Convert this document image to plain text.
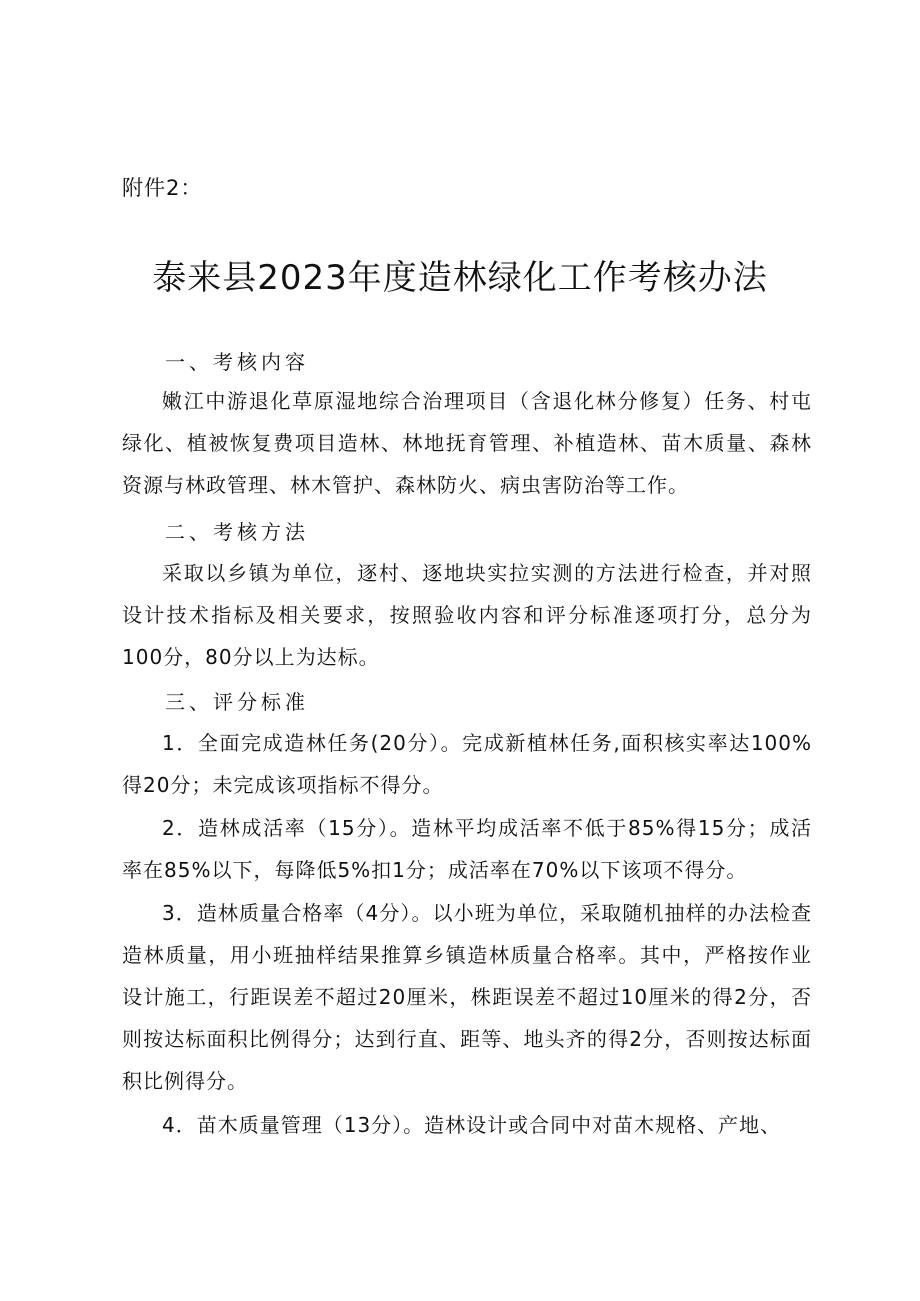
附件2：
泰来县2023年度造林绿化工作考核办法
一、考核内容
嫩江中游退化草原湿地综合治理项目（含退化林分修复）任务、村屯绿化、植被恢复费项目造林、林地抚育管理、补植造林、苗木质量、森林资源与林政管理、林木管护、森林防火、病虫害防治等工作。
二、考核方法
采取以乡镇为单位，逐村、逐地块实拉实测的方法进行检查，并对照设计技术指标及相关要求，按照验收内容和评分标准逐项打分，总分为100分，80分以上为达标。
三、评分标准
1．全面完成造林任务(20分）。完成新植林任务,面积核实率达100%得20分；未完成该项指标不得分。
2．造林成活率（15分）。造林平均成活率不低于85%得15分；成活率在85%以下，每降低5%扣1分；成活率在70%以下该项不得分。
3．造林质量合格率（4分）。以小班为单位，采取随机抽样的办法检查造林质量，用小班抽样结果推算乡镇造林质量合格率。其中，严格按作业设计施工，行距误差不超过20厘米，株距误差不超过10厘米的得2分，否则按达标面积比例得分；达到行直、距等、地头齐的得2分，否则按达标面积比例得分。
4．苗木质量管理（13分）。造林设计或合同中对苗木规格、产地、
